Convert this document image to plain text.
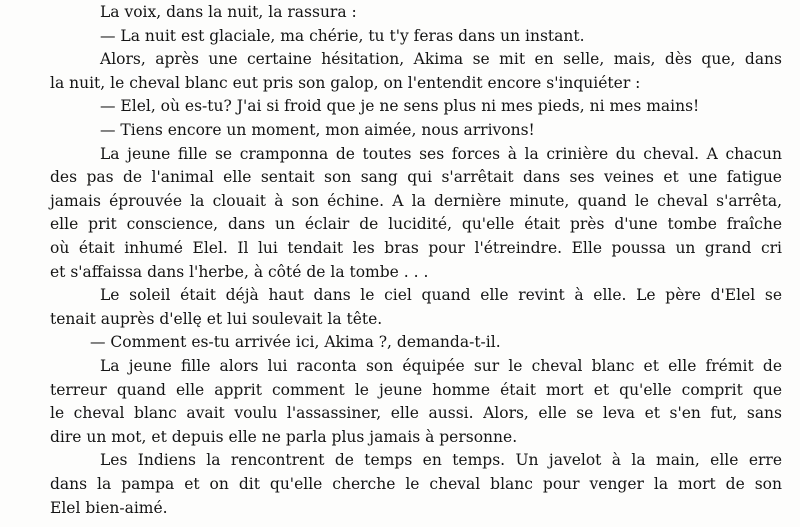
La voix, dans la nuit, la rassura :
— La nuit est glaciale, ma chérie, tu t'y feras dans un instant.
Alors, après une certaine hésitation, Akima se mit en selle, mais, dès que, dans
la nuit, le cheval blanc eut pris son galop, on l'entendit encore s'inquiéter :
— Elel, où es-tu? J'ai si froid que je ne sens plus ni mes pieds, ni mes mains!
— Tiens encore un moment, mon aimée, nous arrivons!
La jeune fille se cramponna de toutes ses forces à la crinière du cheval. A chacun
des pas de l'animal elle sentait son sang qui s'arrêtait dans ses veines et une fatigue
jamais éprouvée la clouait à son échine. A la dernière minute, quand le cheval s'arrêta,
elle prit conscience, dans un éclair de lucidité, qu'elle était près d'une tombe fraîche
où était inhumé Elel. Il lui tendait les bras pour l'étreindre. Elle poussa un grand cri
et s'affaissa dans l'herbe, à côté de la tombe . . .
Le soleil était déjà haut dans le ciel quand elle revint à elle. Le père d'Elel se
tenait auprès d'ellę et lui soulevait la tête.
— Comment es-tu arrivée ici, Akima ?, demanda-t-il.
La jeune fille alors lui raconta son équipée sur le cheval blanc et elle frémit de
terreur quand elle apprit comment le jeune homme était mort et qu'elle comprit que
le cheval blanc avait voulu l'assassiner, elle aussi. Alors, elle se leva et s'en fut, sans
dire un mot, et depuis elle ne parla plus jamais à personne.
Les Indiens la rencontrent de temps en temps. Un javelot à la main, elle erre
dans la pampa et on dit qu'elle cherche le cheval blanc pour venger la mort de son
Elel bien-aimé.
